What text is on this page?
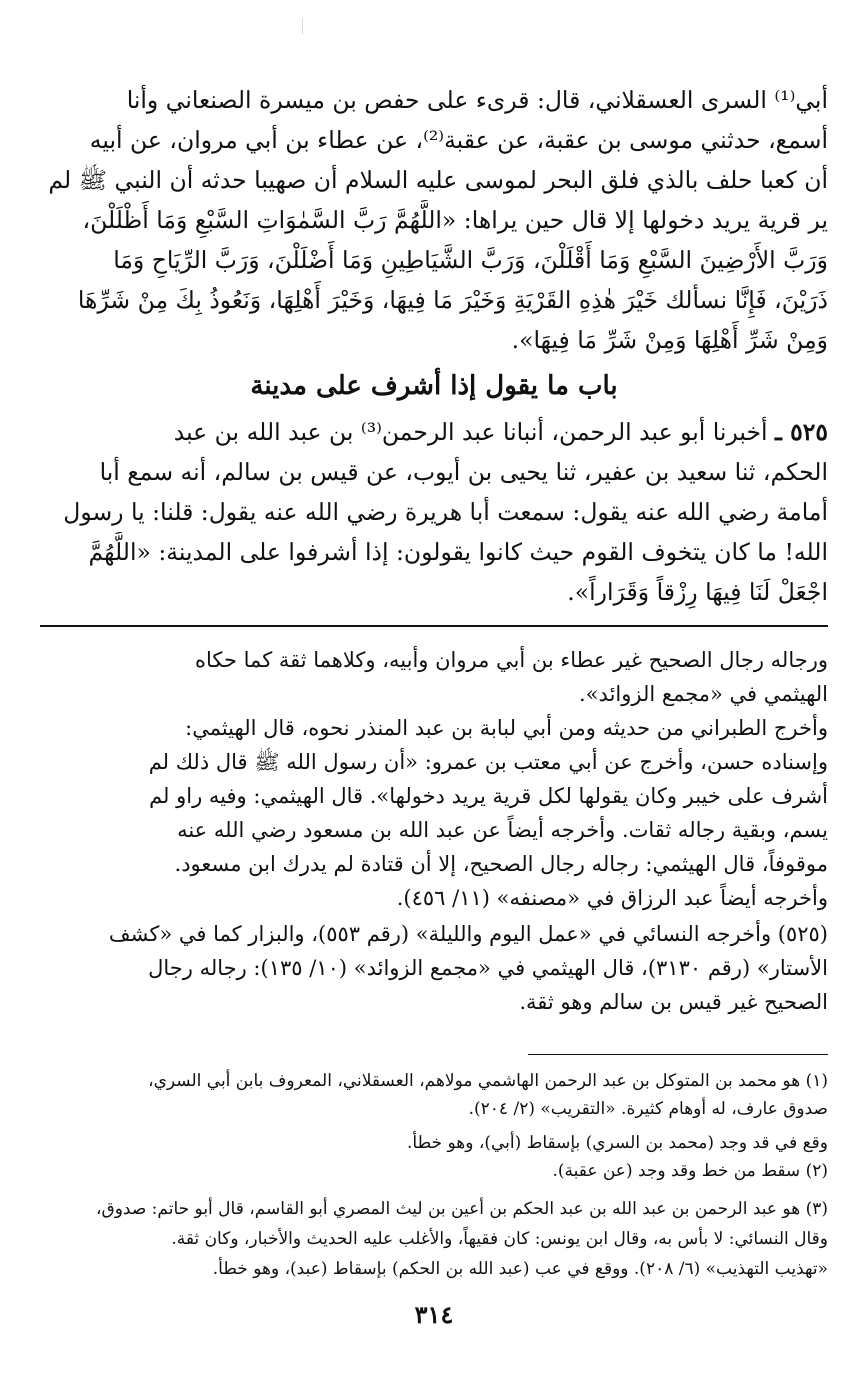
أبي⁽¹⁾ السرى العسقلاني، قال: قرىء على حفص بن ميسرة الصنعاني وأنا
أسمع، حدثني موسى بن عقبة، عن عقبة⁽²⁾، عن عطاء بن أبي مروان، عن أبيه
أن كعبا حلف بالذي فلق البحر لموسى عليه السلام أن صهيبا حدثه أن النبي ﷺ لم
ير قرية يريد دخولها إلا قال حين يراها: «اللَّهُمَّ رَبَّ السَّمٰوَاتِ السَّبْعِ وَمَا أَظْلَلْنَ،
وَرَبَّ الأَرْضِينَ السَّبْعِ وَمَا أَقْلَلْنَ، وَرَبَّ الشَّيَاطِينِ وَمَا أَضْلَلْنَ، وَرَبَّ الرِّيَاحِ وَمَا
ذَرَيْنَ، فَإِنَّا نسألك خَيْرَ هٰذِهِ القَرْيَةِ وَخَيْرَ مَا فِيهَا، وَخَيْرَ أَهْلِهَا، وَنَعُوذُ بِكَ مِنْ شَرِّهَا
وَمِنْ شَرِّ أَهْلِهَا وَمِنْ شَرِّ مَا فِيهَا».
باب ما يقول إذا أشرف على مدينة
٥٢٥ ـ أخبرنا أبو عبد الرحمن، أنبانا عبد الرحمن⁽³⁾ بن عبد الله بن عبد
الحكم، ثنا سعيد بن عفير، ثنا يحيى بن أيوب، عن قيس بن سالم، أنه سمع أبا
أمامة رضي الله عنه يقول: سمعت أبا هريرة رضي الله عنه يقول: قلنا: يا رسول
الله! ما كان يتخوف القوم حيث كانوا يقولون: إذا أشرفوا على المدينة: «اللَّهُمَّ
اجْعَلْ لَنَا فِيهَا رِزْقاً وَقَرَاراً».
ورجاله رجال الصحيح غير عطاء بن أبي مروان وأبيه، وكلاهما ثقة كما حكاه
الهيثمي في «مجمع الزوائد».
وأخرج الطبراني من حديثه ومن أبي لبابة بن عبد المنذر نحوه، قال الهيثمي:
وإسناده حسن، وأخرج عن أبي معتب بن عمرو: «أن رسول الله ﷺ قال ذلك لم
أشرف على خيبر وكان يقولها لكل قرية يريد دخولها». قال الهيثمي: وفيه راو لم
يسم، وبقية رجاله ثقات. وأخرجه أيضاً عن عبد الله بن مسعود رضي الله عنه
موقوفاً، قال الهيثمي: رجاله رجال الصحيح، إلا أن قتادة لم يدرك ابن مسعود.
وأخرجه أيضاً عبد الرزاق في «مصنفه» (١١/ ٤٥٦).
(٥٢٥) وأخرجه النسائي في «عمل اليوم والليلة» (رقم ٥٥٣)، والبزار كما في «كشف
الأستار» (رقم ٣١٣٠)، قال الهيثمي في «مجمع الزوائد» (١٠/ ١٣٥): رجاله رجال
الصحيح غير قيس بن سالم وهو ثقة.
(١) هو محمد بن المتوكل بن عبد الرحمن الهاشمي مولاهم، العسقلاني، المعروف بابن أبي السري،
صدوق عارف، له أوهام كثيرة. «التقريب» (٢/ ٢٠٤).
وقع في قد وجد (محمد بن السري) بإسقاط (أبي)، وهو خطأ.
(٢) سقط من خط وقد وجد (عن عقبة).
(٣) هو عبد الرحمن بن عبد الله بن عبد الحكم بن أعين بن ليث المصري أبو القاسم، قال أبو حاتم: صدوق،
وقال النسائي: لا بأس به، وقال ابن يونس: كان فقيهاً، والأغلب عليه الحديث والأخبار، وكان ثقة.
«تهذيب التهذيب» (٦/ ٢٠٨). ووقع في عب (عبد الله بن الحكم) بإسقاط (عبد)، وهو خطأ.
٣١٤
